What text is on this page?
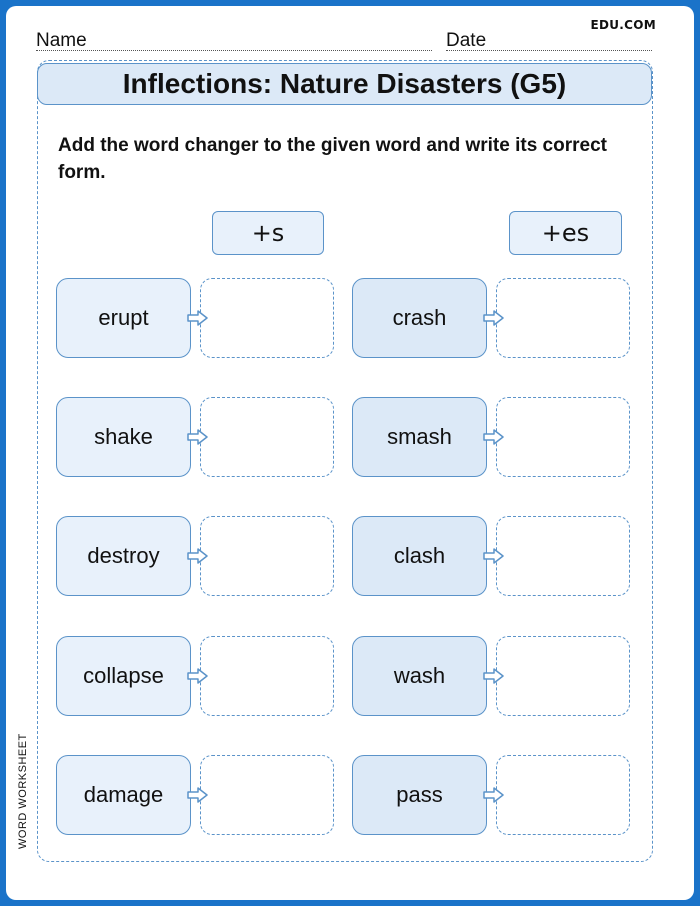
EDU.COM
Name	Date
Inflections: Nature Disasters (G5)
Add the word changer to the given word and write its correct form.
+s	+es
erupt
shake
destroy
collapse
damage
crash
smash
clash
wash
pass
WORD WORKSHEET
